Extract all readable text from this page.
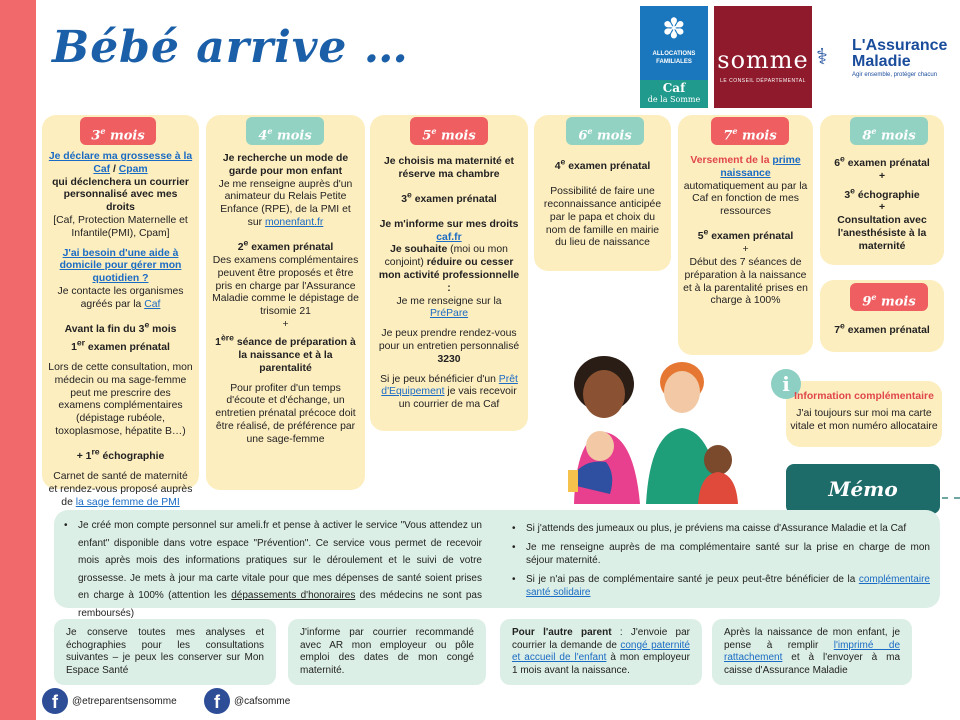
Bébé arrive …	✽
ALLOCATIONS FAMILIALES
Caf
de la Somme
somme
LE CONSEIL DÉPARTEMENTAL
⚕ L'Assurance
Maladie
Agir ensemble, protéger chacun
3e mois

Je déclare ma grossesse à la Caf / Cpam

qui déclenchera un courrier personnalisé avec mes droits

[Caf, Protection Maternelle et Infantile(PMI), Cpam]

J'ai besoin d'une aide à domicile pour gérer mon quotidien ?

Je contacte les organismes agréés par la Caf

Avant la fin du 3e mois

1er examen prénatal

Lors de cette consultation, mon médecin ou ma sage-femme peut me prescrire des examens complémentaires (dépistage rubéole, toxoplasmose, hépatite B…)

+ 1re échographie

Carnet de santé de maternité et rendez-vous proposé auprès de la sage femme de PMI

4e mois

Je recherche un mode de garde pour mon enfant

Je me renseigne auprès d'un animateur du Relais Petite Enfance (RPE), de la PMI et sur monenfant.fr

2e examen prénatal

Des examens complémentaires peuvent être proposés et être pris en charge par l'Assurance Maladie comme le dépistage de trisomie 21

+

1ère séance de préparation à la naissance et à la parentalité

Pour profiter d'un temps d'écoute et d'échange, un entretien prénatal précoce doit être réalisé, de préférence par une sage-femme

5e mois

Je choisis ma maternité et réserve ma chambre

3e examen prénatal

Je m'informe sur mes droits caf.fr

Je souhaite (moi ou mon conjoint) réduire ou cesser mon activité professionnelle :

Je me renseigne sur la

PréPare

Je peux prendre rendez-vous pour un entretien personnalisé

3230

Si je peux bénéficier d'un Prêt d'Equipement je vais recevoir un courrier de ma Caf

6e mois

4e examen prénatal

Possibilité de faire une reconnaissance anticipée par le papa et choix du nom de famille en mairie du lieu de naissance

7e mois

Versement de la prime naissance

automatiquement au par la Caf en fonction de mes ressources

5e examen prénatal

+

Début des 7 séances de préparation à la naissance et à la parentalité prises en charge à 100%

8e mois

6e examen prénatal

+

3e échographie

+

Consultation avec l'anesthésiste à la maternité

9e mois

7e examen prénatal

i

Information complémentaire

J'ai toujours sur moi ma carte vitale et mon numéro allocataire

Mémo
• Je créé mon compte personnel sur ameli.fr et pense à activer le service "Vous attendez un enfant" disponible dans votre espace "Prévention". Ce service vous permet de recevoir mois après mois des informations pratiques sur le déroulement et le suivi de votre grossesse. Je mets à jour ma carte vitale pour que mes dépenses de santé soient prises en charge à 100% (attention les dépassements d'honoraires des médecins ne sont pas remboursés)
• Si j'attends des jumeaux ou plus, je préviens ma caisse d'Assurance Maladie et la Caf
• Je me renseigne auprès de ma complémentaire santé sur la prise en charge de mon séjour maternité.
• Si je n'ai pas de complémentaire santé je peux peut-être bénéficier de la complémentaire santé solidaire
Je conserve toutes mes analyses et échographies pour les consultations suivantes – je peux les conserver sur Mon Espace Santé
J'informe par courrier recommandé avec AR mon employeur ou pôle emploi des dates de mon congé maternité.
Pour l'autre parent : J'envoie par courrier la demande de congé paternité et accueil de l'enfant à mon employeur 1 mois avant la naissance.
Après la naissance de mon enfant, je pense à remplir l'imprimé de rattachement et à l'envoyer à ma caisse d'Assurance Maladie
f	@etreparentsensomme	f	@cafsomme
